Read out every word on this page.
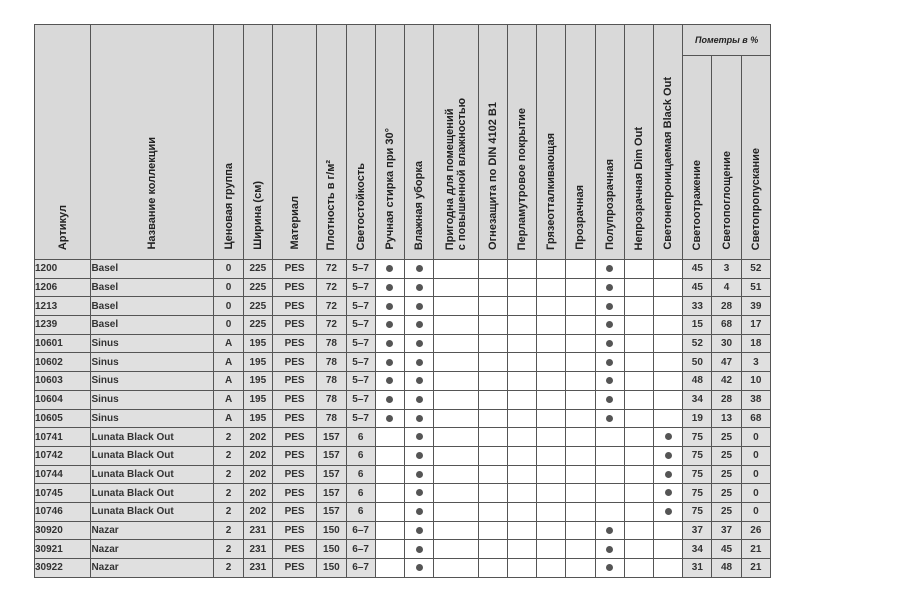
Артикул	Название коллекции	Ценовая группа	Ширина (см)	Материал	Плотность в г/м²	Светостойкость	Ручная стирка при 30°	Влажная уборка	Пригодна для помещений
с повышенной влажностью	Огнезащита по DIN 4102 B1	Перламутровое покрытие	Грязеотталкивающая	Прозрачная	Полупрозрачная	Непрозрачная Dim Out	Светонепроницаемая Black Out	Пометры в %		
																	Светоотражение	Светопоглощение	Светопропускание
1200	Basel	0	225	PES	72	5–7											45	3	52
1206	Basel	0	225	PES	72	5–7											45	4	51
1213	Basel	0	225	PES	72	5–7											33	28	39
1239	Basel	0	225	PES	72	5–7											15	68	17
10601	Sinus	A	195	PES	78	5–7											52	30	18
10602	Sinus	A	195	PES	78	5–7											50	47	3
10603	Sinus	A	195	PES	78	5–7											48	42	10
10604	Sinus	A	195	PES	78	5–7											34	28	38
10605	Sinus	A	195	PES	78	5–7											19	13	68
10741	Lunata Black Out	2	202	PES	157	6											75	25	0
10742	Lunata Black Out	2	202	PES	157	6											75	25	0
10744	Lunata Black Out	2	202	PES	157	6											75	25	0
10745	Lunata Black Out	2	202	PES	157	6											75	25	0
10746	Lunata Black Out	2	202	PES	157	6											75	25	0
30920	Nazar	2	231	PES	150	6–7											37	37	26
30921	Nazar	2	231	PES	150	6–7											34	45	21
30922	Nazar	2	231	PES	150	6–7											31	48	21
